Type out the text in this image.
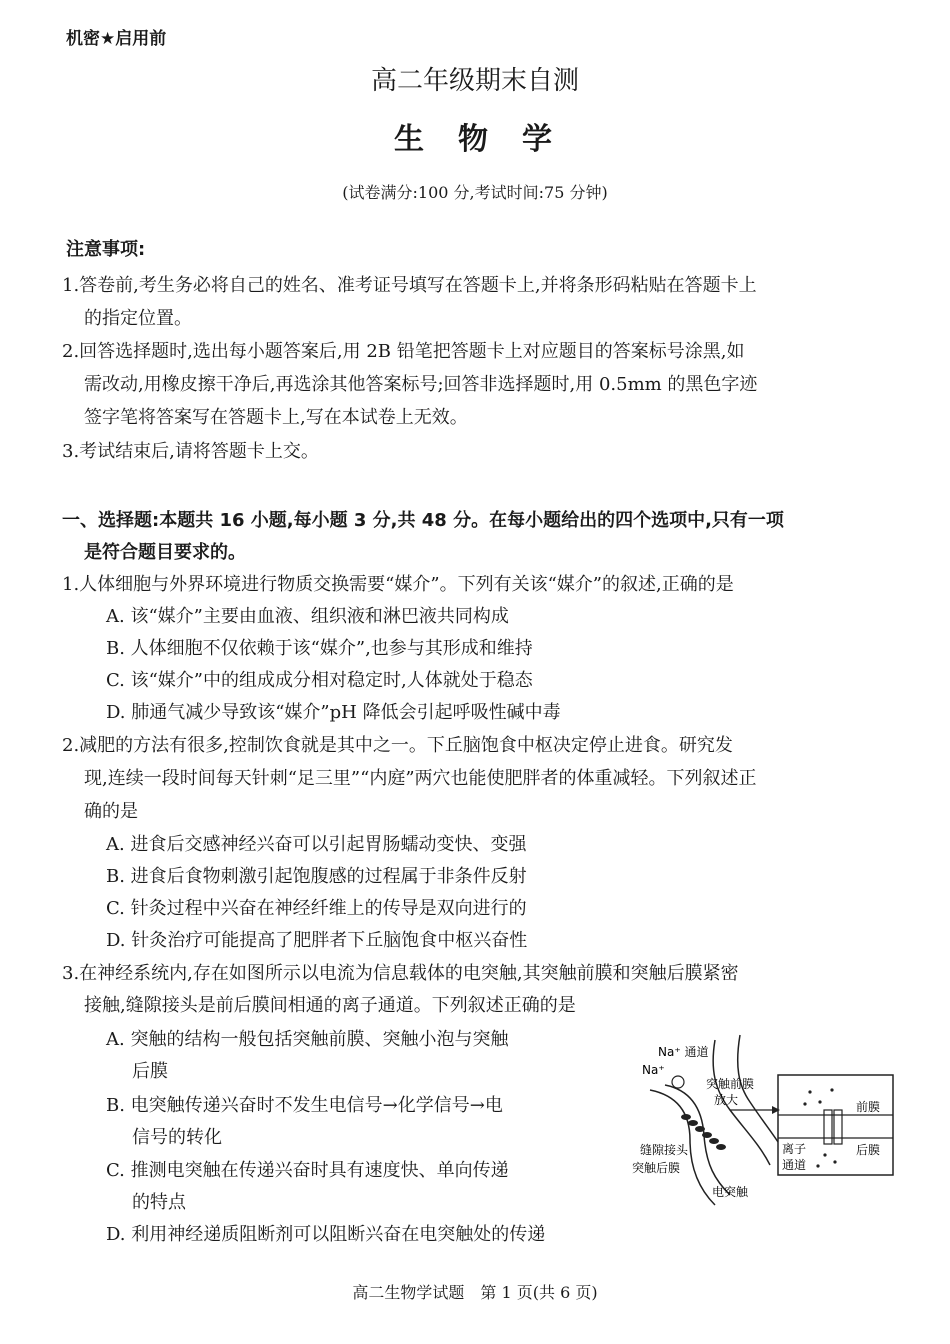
机密★启用前
高二年级期末自测
生物学
(试卷满分:100 分,考试时间:75 分钟)
注意事项:
1.答卷前,考生务必将自己的姓名、准考证号填写在答题卡上,并将条形码粘贴在答题卡上
的指定位置。
2.回答选择题时,选出每小题答案后,用 2B 铅笔把答题卡上对应题目的答案标号涂黑,如
需改动,用橡皮擦干净后,再选涂其他答案标号;回答非选择题时,用 0.5mm 的黑色字迹
签字笔将答案写在答题卡上,写在本试卷上无效。
3.考试结束后,请将答题卡上交。
一、选择题:本题共 16 小题,每小题 3 分,共 48 分。在每小题给出的四个选项中,只有一项
是符合题目要求的。
1.人体细胞与外界环境进行物质交换需要“媒介”。下列有关该“媒介”的叙述,正确的是
A. 该“媒介”主要由血液、组织液和淋巴液共同构成
B. 人体细胞不仅依赖于该“媒介”,也参与其形成和维持
C. 该“媒介”中的组成成分相对稳定时,人体就处于稳态
D. 肺通气减少导致该“媒介”pH 降低会引起呼吸性碱中毒
2.减肥的方法有很多,控制饮食就是其中之一。下丘脑饱食中枢决定停止进食。研究发
现,连续一段时间每天针刺“足三里”“内庭”两穴也能使肥胖者的体重减轻。下列叙述正
确的是
A. 进食后交感神经兴奋可以引起胃肠蠕动变快、变强
B. 进食后食物刺激引起饱腹感的过程属于非条件反射
C. 针灸过程中兴奋在神经纤维上的传导是双向进行的
D. 针灸治疗可能提高了肥胖者下丘脑饱食中枢兴奋性
3.在神经系统内,存在如图所示以电流为信息载体的电突触,其突触前膜和突触后膜紧密
接触,缝隙接头是前后膜间相通的离子通道。下列叙述正确的是
A. 突触的结构一般包括突触前膜、突触小泡与突触
后膜
B. 电突触传递兴奋时不发生电信号→化学信号→电
信号的转化
C. 推测电突触在传递兴奋时具有速度快、单向传递
的特点
D. 利用神经递质阻断剂可以阻断兴奋在电突触处的传递
Na⁺ 通道
Na⁺
突触前膜
放大
缝隙接头
突触后膜
电突触
前膜
离子
通道
后膜
高二生物学试题　第 1 页(共 6 页)
